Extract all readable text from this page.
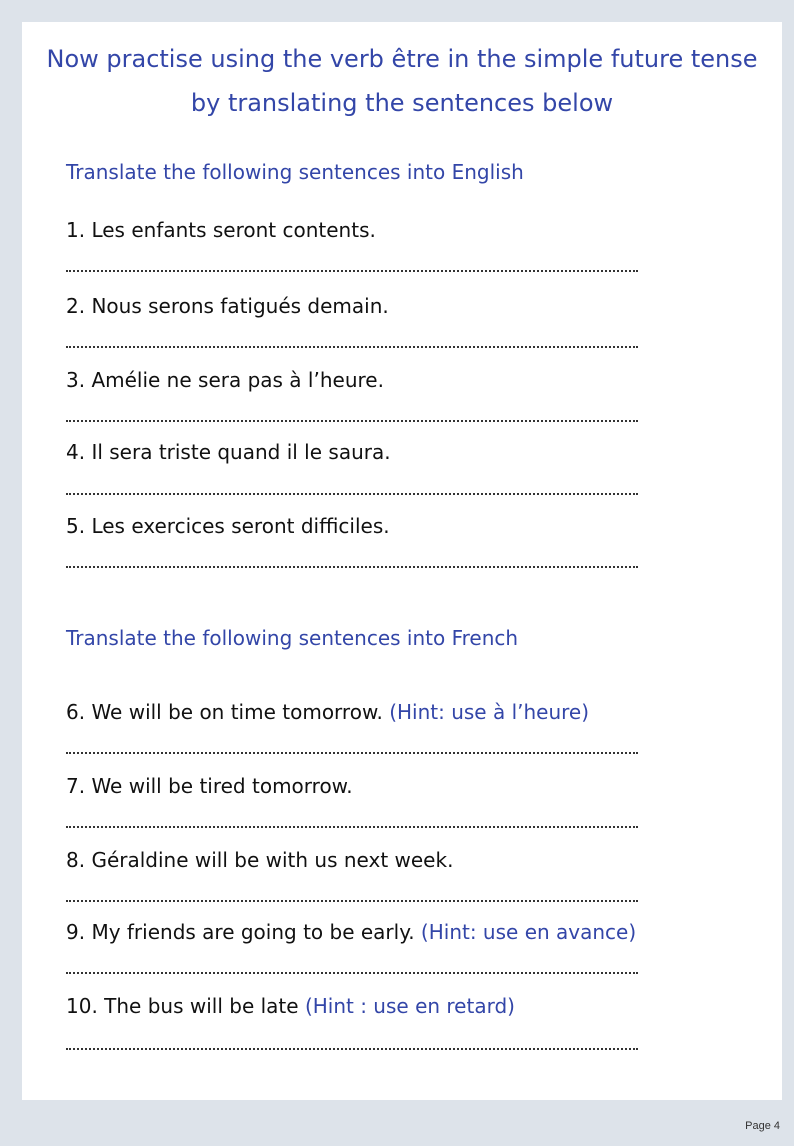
Now practise using the verb être in the simple future tense
by translating the sentences below
Translate the following sentences into English
1. Les enfants seront contents.
2. Nous serons fatigués demain.
3. Amélie ne sera pas à l’heure.
4. Il sera triste quand il le saura.
5. Les exercices seront difficiles.
Translate the following sentences into French
6. We will be on time tomorrow. (Hint: use à l’heure)
7. We will be tired tomorrow.
8. Géraldine will be with us next week.
9. My friends are going to be early. (Hint: use en avance)
10. The bus will be late (Hint : use en retard)
Page 4
